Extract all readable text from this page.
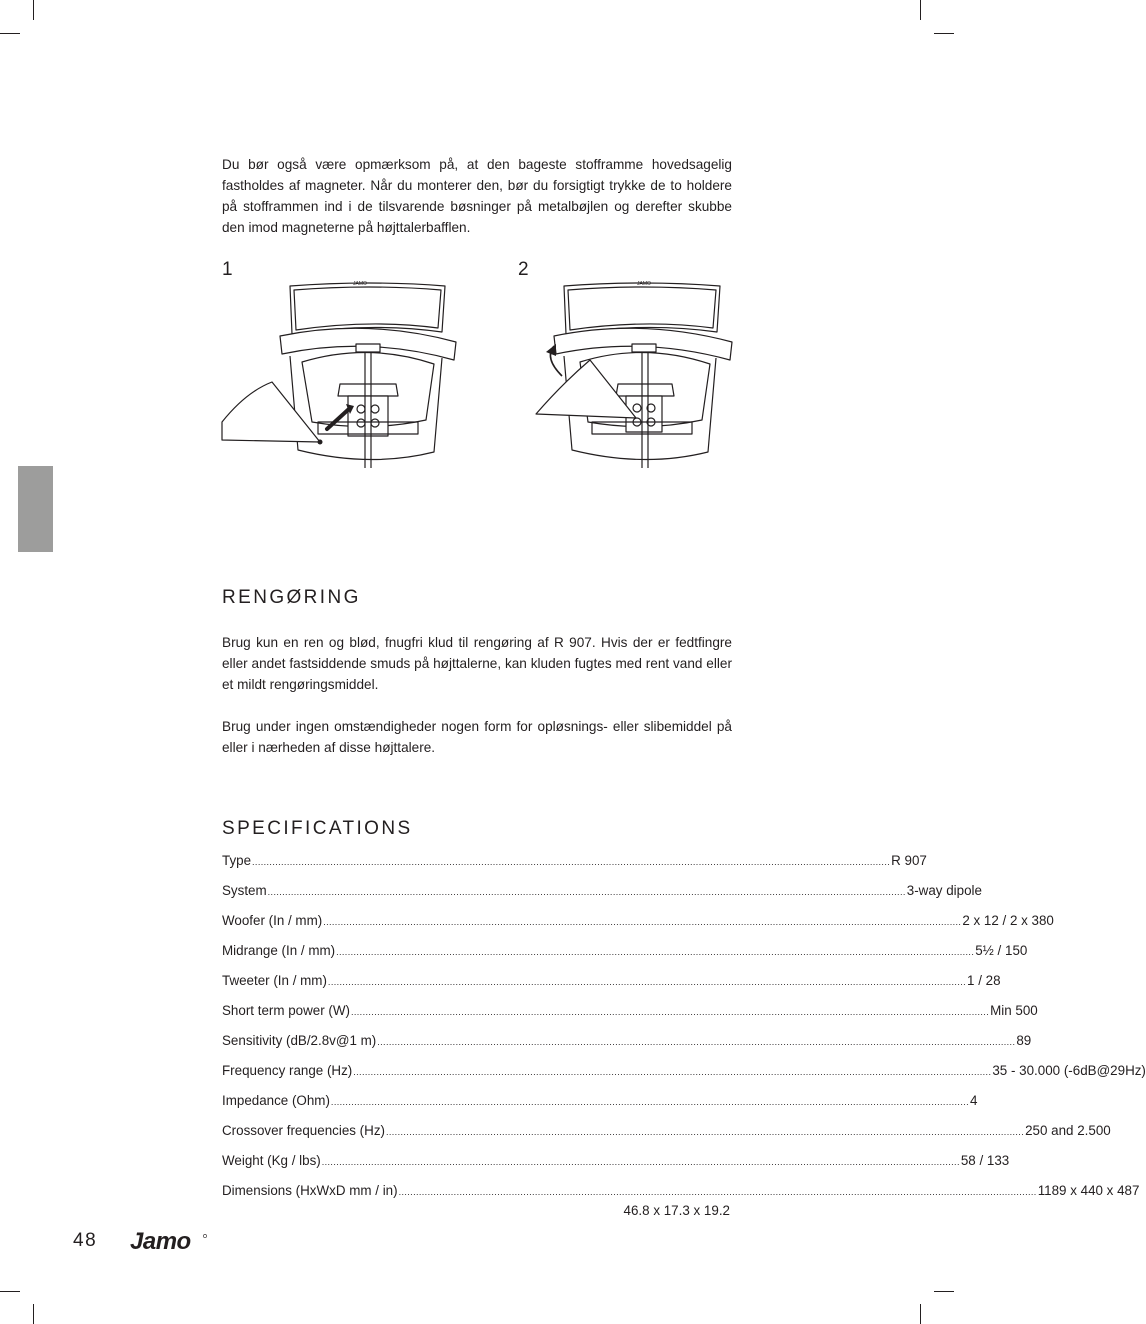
Du bør også være opmærksom på, at den bageste stofframme hovedsagelig fastholdes af magneter. Når du monterer den, bør du forsigtigt trykke de to holdere på stofframmen ind i de tilsvarende bøsninger på metalbøjlen og derefter skubbe den imod magneterne på højttalerbafflen.

1
JAMO
2
JAMO
RENGØRING

Brug kun en ren og blød, fnugfri klud til rengøring af R 907. Hvis der er fedtfingre eller andet fastsiddende smuds på højttalerne, kan kluden fugtes med rent vand eller et mildt rengøringsmiddel.

Brug under ingen omstændigheder nogen form for opløsnings- eller slibemiddel på eller i nærheden af disse højttalere.

SPECIFICATIONS
Type ............................................................................................................................................................................................................................ R 907
System ............................................................................................................................................................................................................................ 3-way dipole
Woofer (In / mm) ............................................................................................................................................................................................................................ 2 x 12 / 2 x 380
Midrange (In / mm) ............................................................................................................................................................................................................................ 5½ / 150
Tweeter (In / mm) ............................................................................................................................................................................................................................ 1 / 28
Short term power (W) ............................................................................................................................................................................................................................ Min 500
Sensitivity (dB/2.8v@1 m) ............................................................................................................................................................................................................................ 89
Frequency range (Hz) ............................................................................................................................................................................................................................ 35 - 30.000 (-6dB@29Hz)
Impedance (Ohm) ............................................................................................................................................................................................................................ 4
Crossover frequencies (Hz) ............................................................................................................................................................................................................................ 250 and 2.500
Weight (Kg / lbs) ............................................................................................................................................................................................................................ 58 / 133
Dimensions (HxWxD mm / in) ............................................................................................................................................................................................................................ 1189 x 440 x 487
46.8 x 17.3 x 19.2
48 Jamo
